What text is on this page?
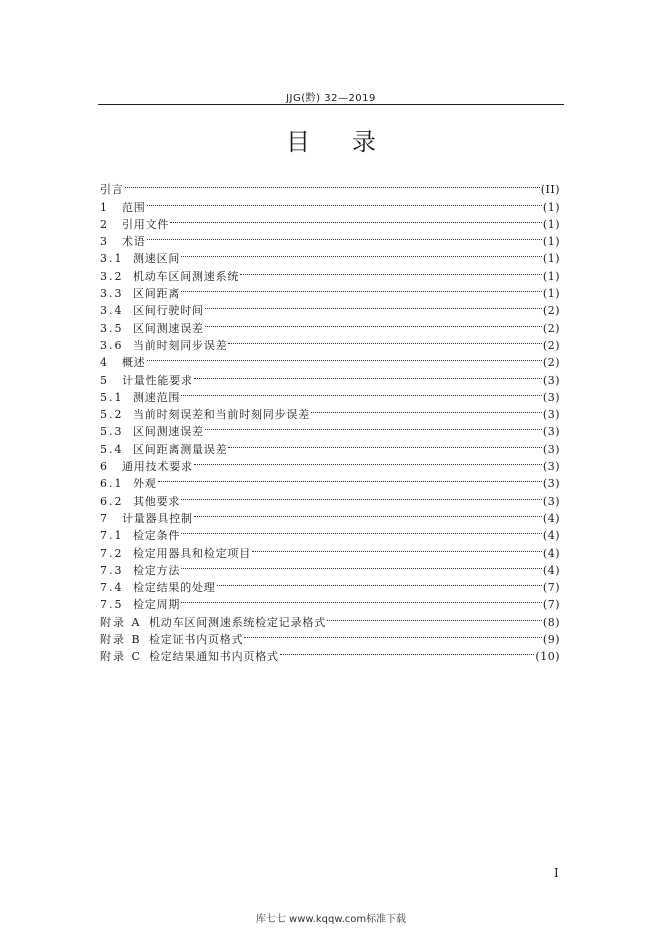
JJG(黔) 32—2019
目录
引言	(II)
1	范围	(1)
2	引用文件	(1)
3	术语	(1)
3.1 测速区间	(1)
3.2 机动车区间测速系统	(1)
3.3 区间距离	(1)
3.4 区间行驶时间	(2)
3.5 区间测速误差	(2)
3.6 当前时刻同步误差	(2)
4	概述	(2)
5	计量性能要求	(3)
5.1 测速范围	(3)
5.2 当前时刻误差和当前时刻同步误差	(3)
5.3 区间测速误差	(3)
5.4 区间距离测量误差	(3)
6	通用技术要求	(3)
6.1 外观	(3)
6.2 其他要求	(3)
7	计量器具控制	(4)
7.1 检定条件	(4)
7.2 检定用器具和检定项目	(4)
7.3 检定方法	(4)
7.4 检定结果的处理	(7)
7.5 检定周期	(7)
附录 A 机动车区间测速系统检定记录格式	(8)
附录 B 检定证书内页格式	(9)
附录 C 检定结果通知书内页格式	(10)
I
库七七 www.kqqw.com标准下载
